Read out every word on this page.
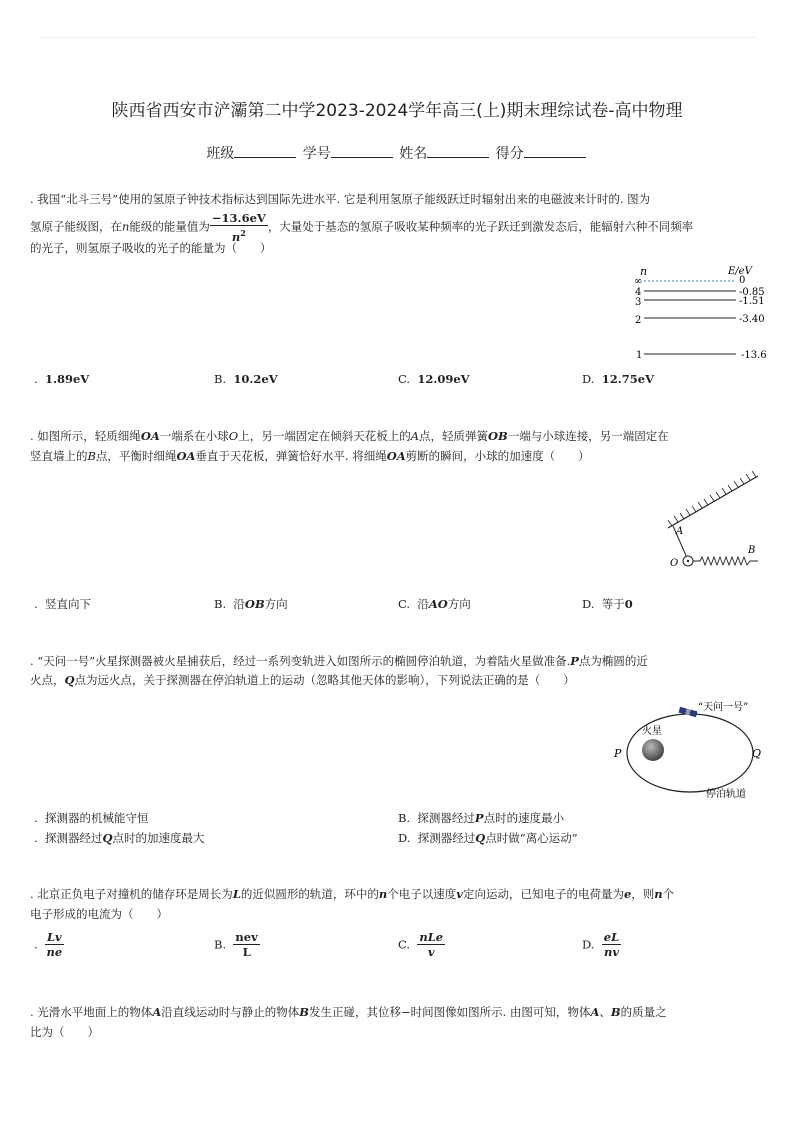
陕西省西安市浐灞第二中学2023-2024学年高三(上)期末理综试卷-高中物理
班级	学号	姓名	得分
. 我国“北斗三号”使用的氢原子钟技术指标达到国际先进水平. 它是利用氢原子能级跃迁时辐射出来的电磁波来计时的. 图为
氢原子能级图，在n能级的能量值为 $\frac{-13.6eV}{n^2}$ ，大量处于基态的氢原子吸收某种频率的光子跃迁到激发态后，能辐射六种不同频率
的光子，则氢原子吸收的光子的能量为（　　）
n	E/eV
∞	0
4	-0.85
3	-1.51
2	-3.40
1	-13.6
. 1.89eV	B. 10.2eV	C. 12.09eV	D. 12.75eV
. 如图所示，轻质细绳OA一端系在小球O上，另一端固定在倾斜天花板上的A点，轻质弹簧OB一端与小球连接，另一端固定在
竖直墙上的B点，平衡时细绳OA垂直于天花板，弹簧恰好水平. 将细绳OA剪断的瞬间，小球的加速度（　　）
A
O
B
. 竖直向下	B. 沿OB方向	C. 沿AO方向	D. 等于0
. “天问一号”火星探测器被火星捕获后，经过一系列变轨进入如图所示的椭圆停泊轨道，为着陆火星做准备.P点为椭圆的近
火点，Q点为远火点，关于探测器在停泊轨道上的运动（忽略其他天体的影响），下列说法正确的是（　　）
火星
P	Q
“天问一号”
停泊轨道
. 探测器的机械能守恒	B. 探测器经过P点时的速度最小
. 探测器经过Q点时的加速度最大	D. 探测器经过Q点时做“离心运动”
. 北京正负电子对撞机的储存环是周长为L的近似圆形的轨道，环中的n个电子以速度v定向运动，已知电子的电荷量为e，则n个
电子形成的电流为（　　）
. $\frac{Lv}{ne}$	B. $\frac{\text{nev}}{L}$	C. $\frac{\text{nLe}}{v}$	D. $\frac{eL}{nv}$
. 光滑水平地面上的物体A沿直线运动时与静止的物体B发生正碰，其位移−时间图像如图所示. 由图可知，物体A、B的质量之
比为（　　）
